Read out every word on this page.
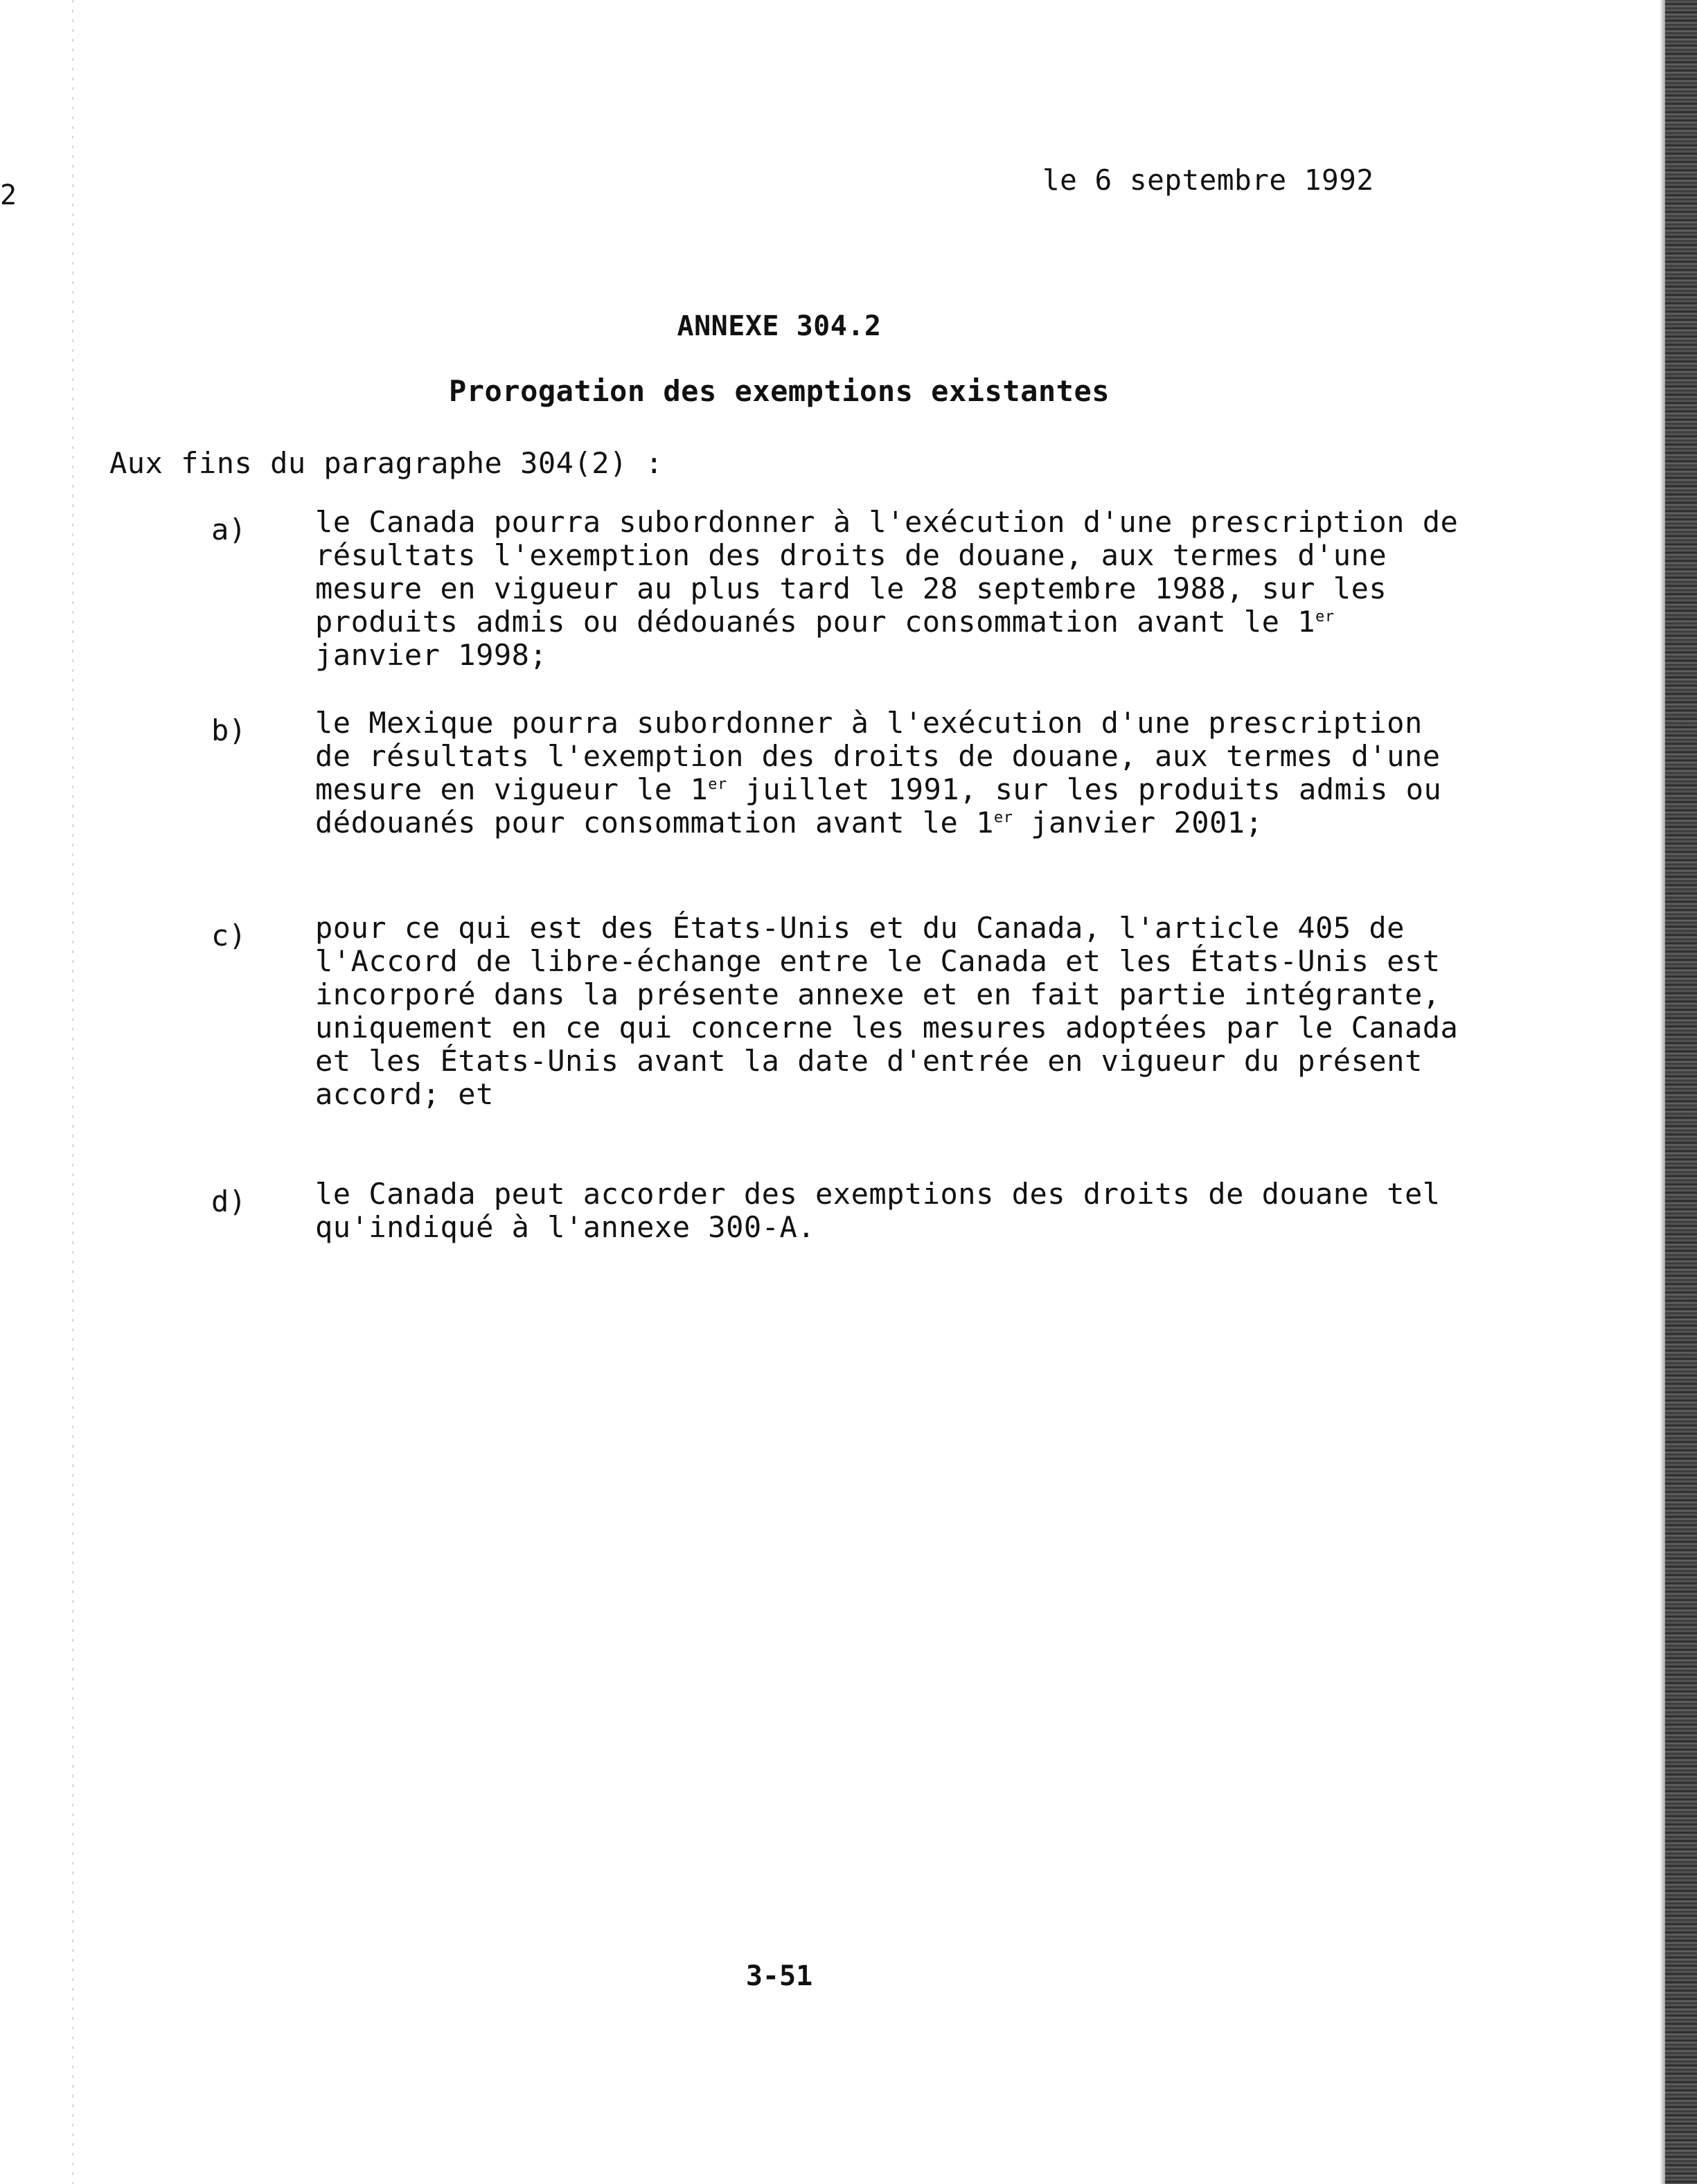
2	le 6 septembre 1992
ANNEXE 304.2
Prorogation des exemptions existantes
Aux fins du paragraphe 304(2) :
a) le Canada pourra subordonner à l'exécution d'une prescription de résultats l'exemption des droits de douane, aux termes d'une mesure en vigueur au plus tard le 28 septembre 1988, sur les produits admis ou dédouanés pour consommation avant le 1er janvier 1998;
b) le Mexique pourra subordonner à l'exécution d'une prescription de résultats l'exemption des droits de douane, aux termes d'une mesure en vigueur le 1er juillet 1991, sur les produits admis ou dédouanés pour consommation avant le 1er janvier 2001;
c) pour ce qui est des États-Unis et du Canada, l'article 405 de l'Accord de libre-échange entre le Canada et les États-Unis est incorporé dans la présente annexe et en fait partie intégrante, uniquement en ce qui concerne les mesures adoptées par le Canada et les États-Unis avant la date d'entrée en vigueur du présent accord; et
d) le Canada peut accorder des exemptions des droits de douane tel qu'indiqué à l'annexe 300-A.
3-51
